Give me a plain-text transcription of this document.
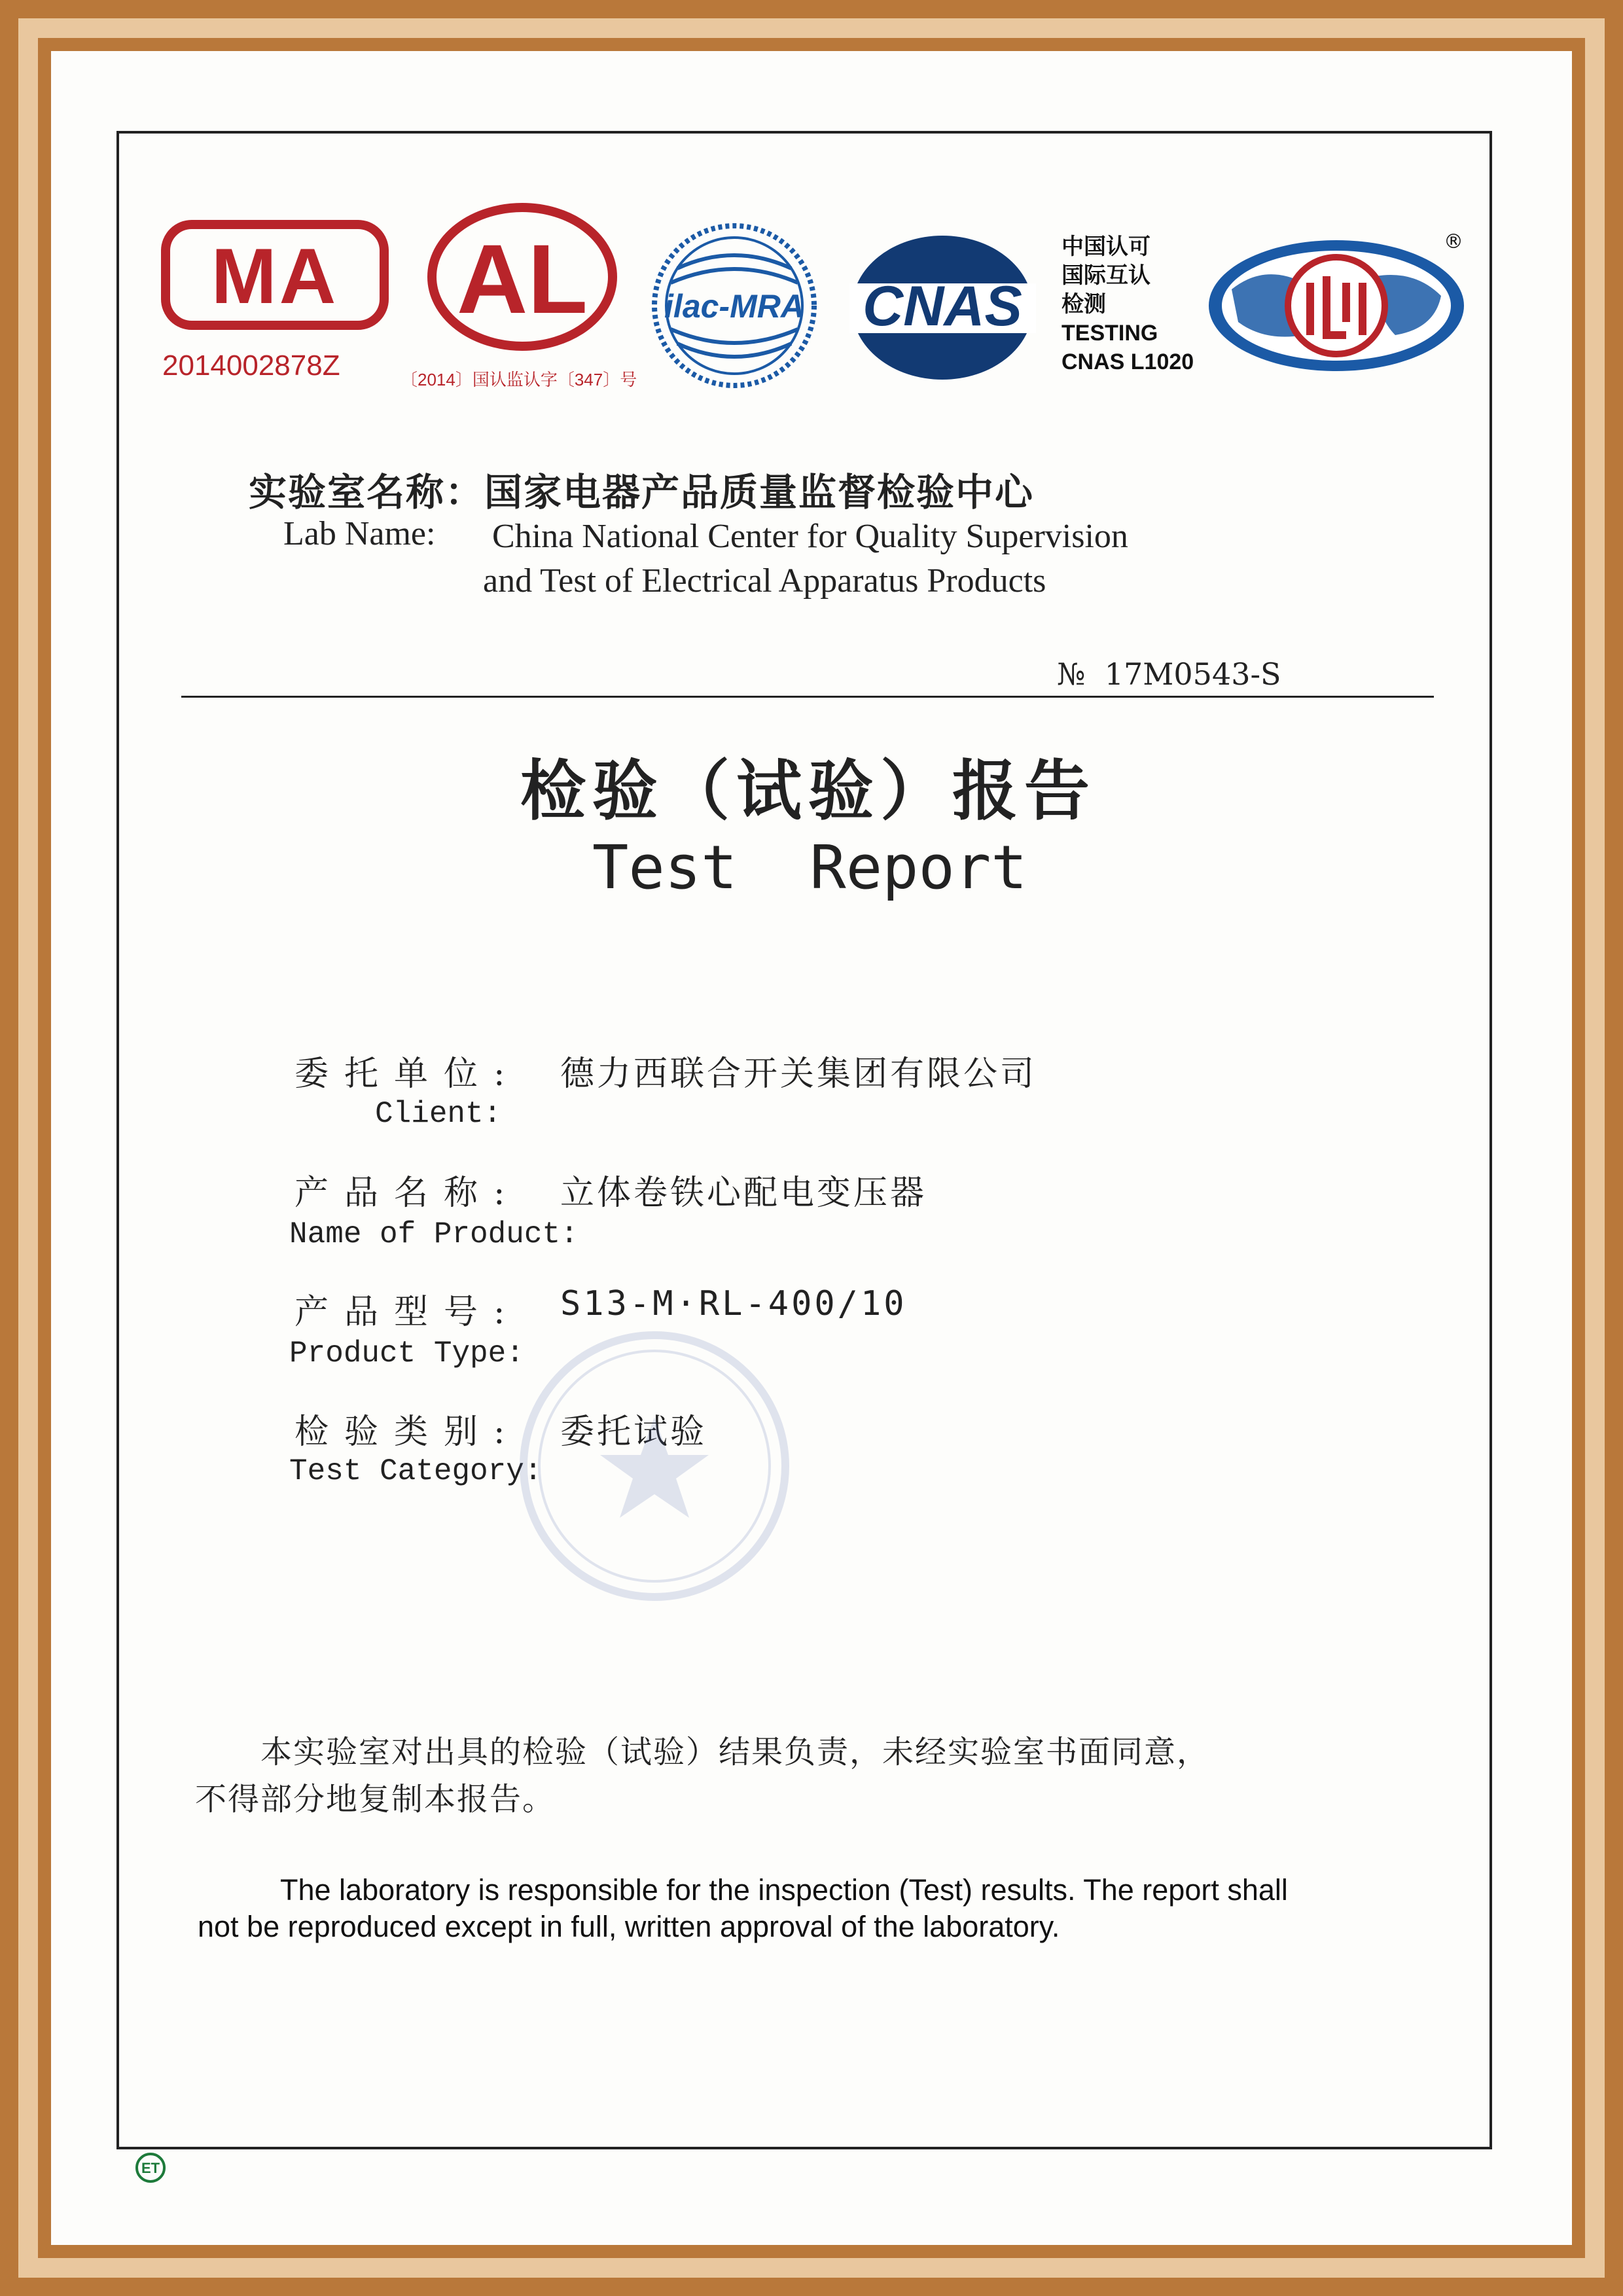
MA
2014002878Z
AL
〔2014〕国认监认字〔347〕号
ilac-MRA CNAS
中国认可
国际互认
检测
TESTING
CNAS L1020
®
实验室名称：国家电器产品质量监督检验中心
Lab Name: China National Center for Quality Supervision
and Test of Electrical Apparatus Products
№  17M0543-S
检验（试验）报告
Test  Report
委托单位: 德力西联合开关集团有限公司
Client:
产品名称: 立体卷铁心配电变压器
Name of Product:
产品型号: S13-M·RL-400/10
Product Type:
检验类别: 委托试验
Test Category:
本实验室对出具的检验（试验）结果负责，未经实验室书面同意，
不得部分地复制本报告。
The laboratory is responsible for the inspection (Test) results. The report shall
not be reproduced except in full, written approval of the laboratory.
ET
